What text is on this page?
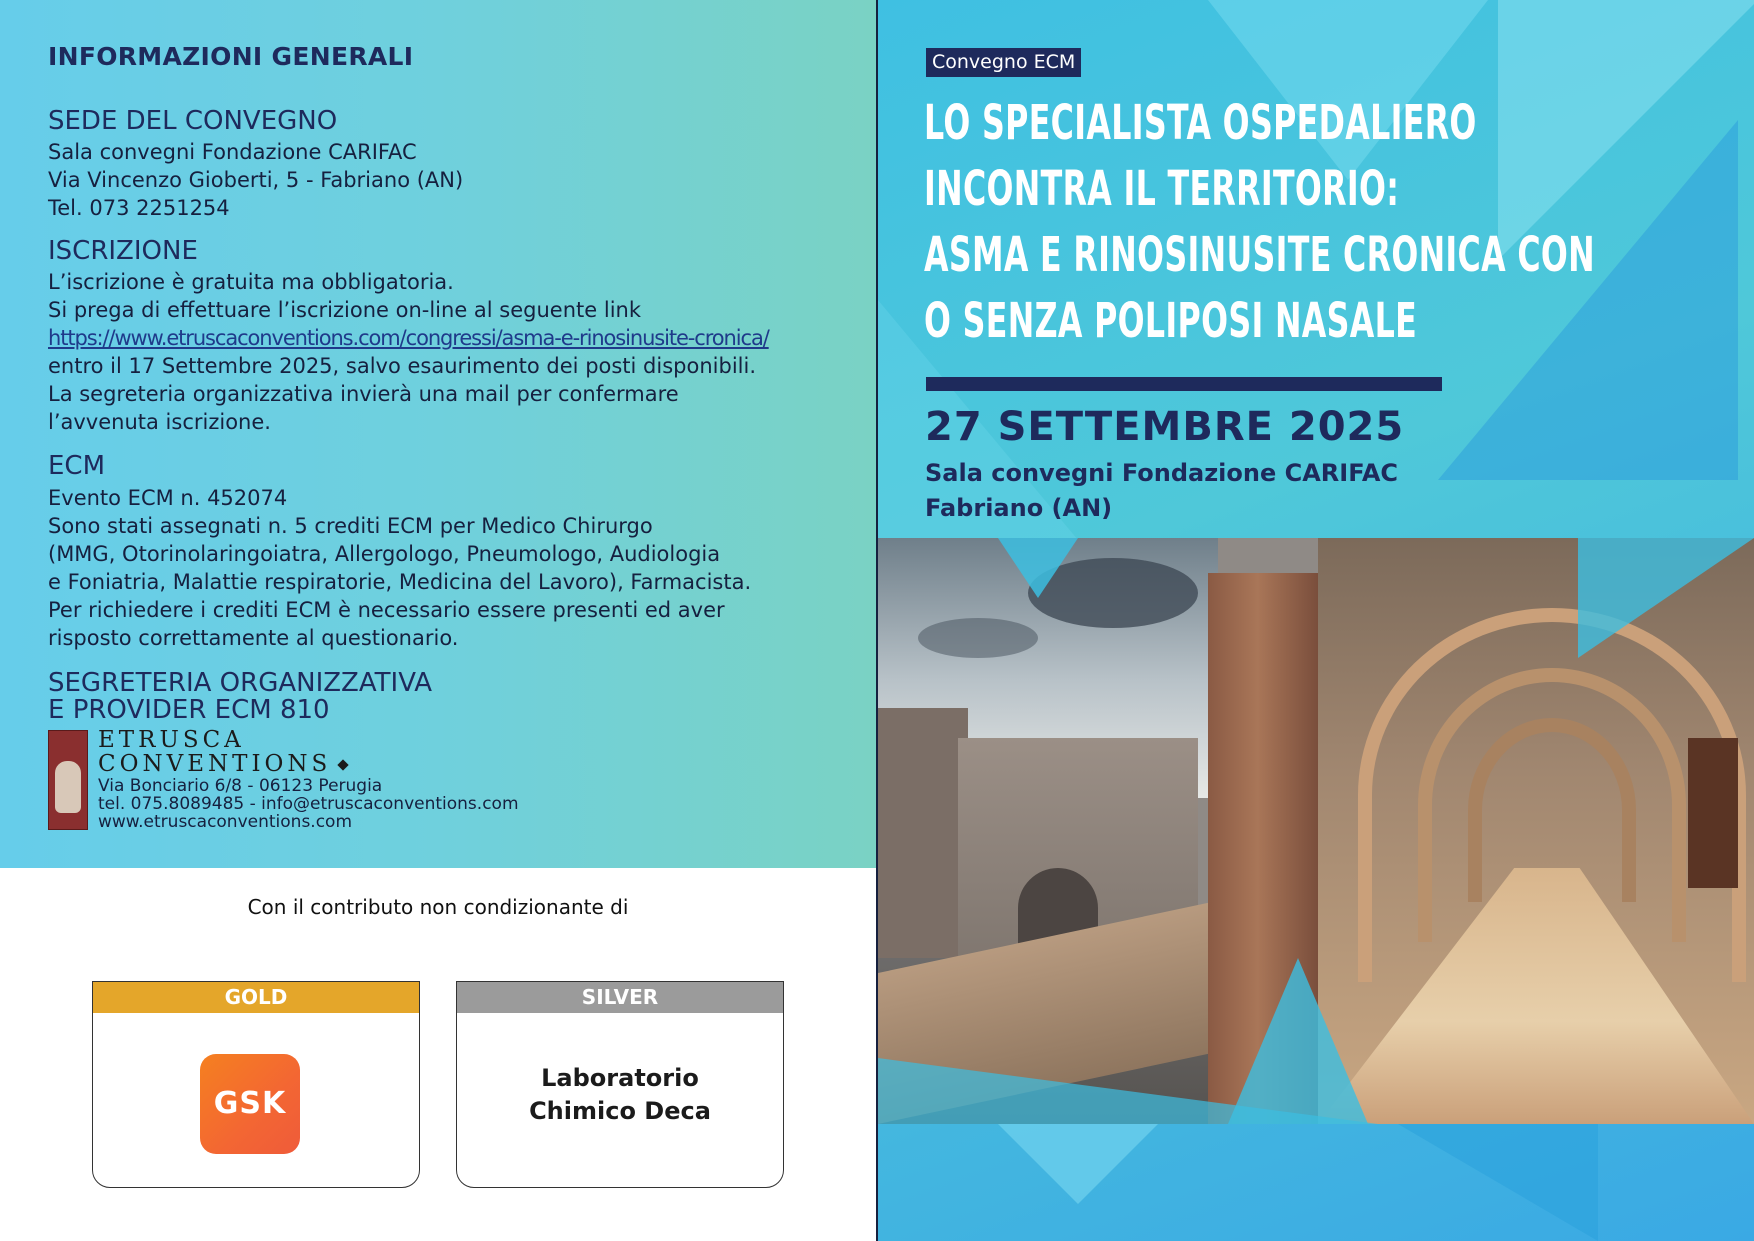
INFORMAZIONI GENERALI
SEDE DEL CONVEGNO
Sala convegni Fondazione CARIFAC
Via Vincenzo Gioberti, 5 - Fabriano (AN)
Tel. 073 2251254
ISCRIZIONE
L’iscrizione è gratuita ma obbligatoria.
Si prega di effettuare l’iscrizione on-line al seguente link
https://www.etruscaconventions.com/congressi/asma-e-rinosinusite-cronica/
entro il 17 Settembre 2025, salvo esaurimento dei posti disponibili.
La segreteria organizzativa invierà una mail per confermare
l’avvenuta iscrizione.
ECM
Evento ECM n. 452074
Sono stati assegnati n. 5 crediti ECM per Medico Chirurgo
(MMG, Otorinolaringoiatra, Allergologo, Pneumologo, Audiologia
e Foniatria, Malattie respiratorie, Medicina del Lavoro), Farmacista.
Per richiedere i crediti ECM è necessario essere presenti ed aver
risposto correttamente al questionario.
SEGRETERIA ORGANIZZATIVA
E PROVIDER ECM 810
ETRUSCA
CONVENTIONS
Via Bonciario 6/8 - 06123 Perugia
tel. 075.8089485 - info@etruscaconventions.com
www.etruscaconventions.com
Con il contributo non condizionante di
GOLD
GSK
SILVER
Laboratorio
Chimico Deca
Convegno ECM
LO SPECIALISTA OSPEDALIERO
INCONTRA IL TERRITORIO:
ASMA E RINOSINUSITE CRONICA CON
O SENZA POLIPOSI NASALE
27 SETTEMBRE 2025
Sala convegni Fondazione CARIFAC
Fabriano (AN)
